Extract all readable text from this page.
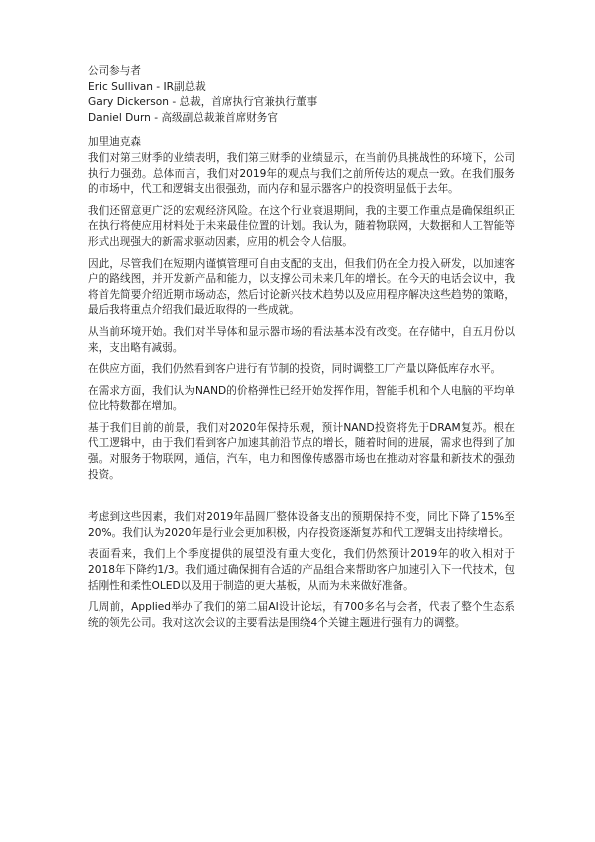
公司参与者
Eric Sullivan - IR副总裁
Gary Dickerson - 总裁，首席执行官兼执行董事
Daniel Durn - 高级副总裁兼首席财务官
加里迪克森

我们对第三财季的业绩表明，我们第三财季的业绩显示，在当前仍具挑战性的环境下，公司执行力强劲。总体而言，我们对2019年的观点与我们之前所传达的观点一致。在我们服务的市场中，代工和逻辑支出很强劲，而内存和显示器客户的投资明显低于去年。

我们还留意更广泛的宏观经济风险。在这个行业衰退期间，我的主要工作重点是确保组织正在执行将使应用材料处于未来最佳位置的计划。我认为，随着物联网，大数据和人工智能等形式出现强大的新需求驱动因素，应用的机会令人信服。

因此，尽管我们在短期内谨慎管理可自由支配的支出，但我们仍在全力投入研发，以加速客户的路线图，并开发新产品和能力，以支撑公司未来几年的增长。在今天的电话会议中，我将首先简要介绍近期市场动态，然后讨论新兴技术趋势以及应用程序解决这些趋势的策略，最后我将重点介绍我们最近取得的一些成就。

从当前环境开始。我们对半导体和显示器市场的看法基本没有改变。在存储中，自五月份以来，支出略有减弱。

在供应方面，我们仍然看到客户进行有节制的投资，同时调整工厂产量以降低库存水平。

在需求方面，我们认为NAND的价格弹性已经开始发挥作用，智能手机和个人电脑的平均单位比特数都在增加。

基于我们目前的前景，我们对2020年保持乐观，预计NAND投资将先于DRAM复苏。根在代工逻辑中，由于我们看到客户加速其前沿节点的增长，随着时间的进展，需求也得到了加强。对服务于物联网，通信，汽车，电力和图像传感器市场也在推动对容量和新技术的强劲投资。

考虑到这些因素，我们对2019年晶圆厂整体设备支出的预期保持不变，同比下降了15%至20%。我们认为2020年是行业会更加积极，内存投资逐渐复苏和代工逻辑支出持续增长。

表面看来，我们上个季度提供的展望没有重大变化，我们仍然预计2019年的收入相对于2018年下降约1/3。我们通过确保拥有合适的产品组合来帮助客户加速引入下一代技术，包括刚性和柔性OLED以及用于制造的更大基板，从而为未来做好准备。

几周前，Applied举办了我们的第二届AI设计论坛，有700多名与会者，代表了整个生态系统的领先公司。我对这次会议的主要看法是围绕4个关键主题进行强有力的调整。
